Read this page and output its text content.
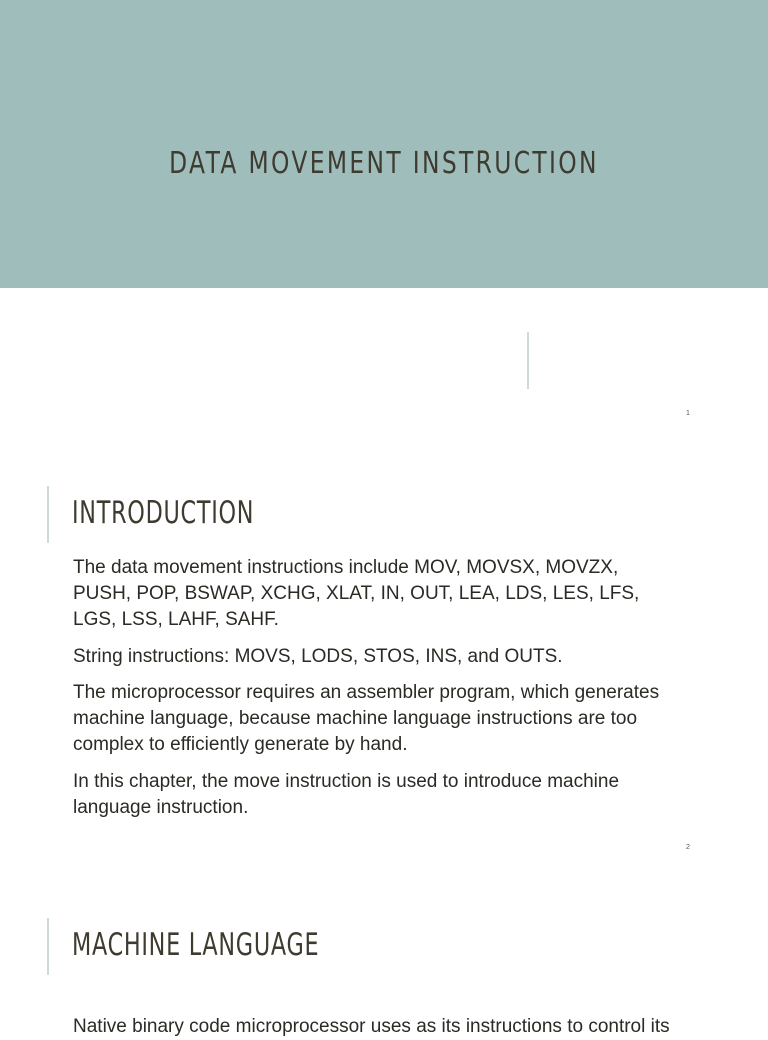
DATA MOVEMENT INSTRUCTION
1
INTRODUCTION

The data movement instructions include MOV, MOVSX, MOVZX, PUSH, POP, BSWAP, XCHG, XLAT, IN, OUT, LEA, LDS, LES, LFS, LGS, LSS, LAHF, SAHF.

String instructions: MOVS, LODS, STOS, INS, and OUTS.

The microprocessor requires an assembler program, which generates machine language, because machine language instructions are too complex to efficiently generate by hand.

In this chapter, the move instruction is used to introduce machine language instruction.

2
MACHINE LANGUAGE
Native binary code microprocessor uses as its instructions to control its
